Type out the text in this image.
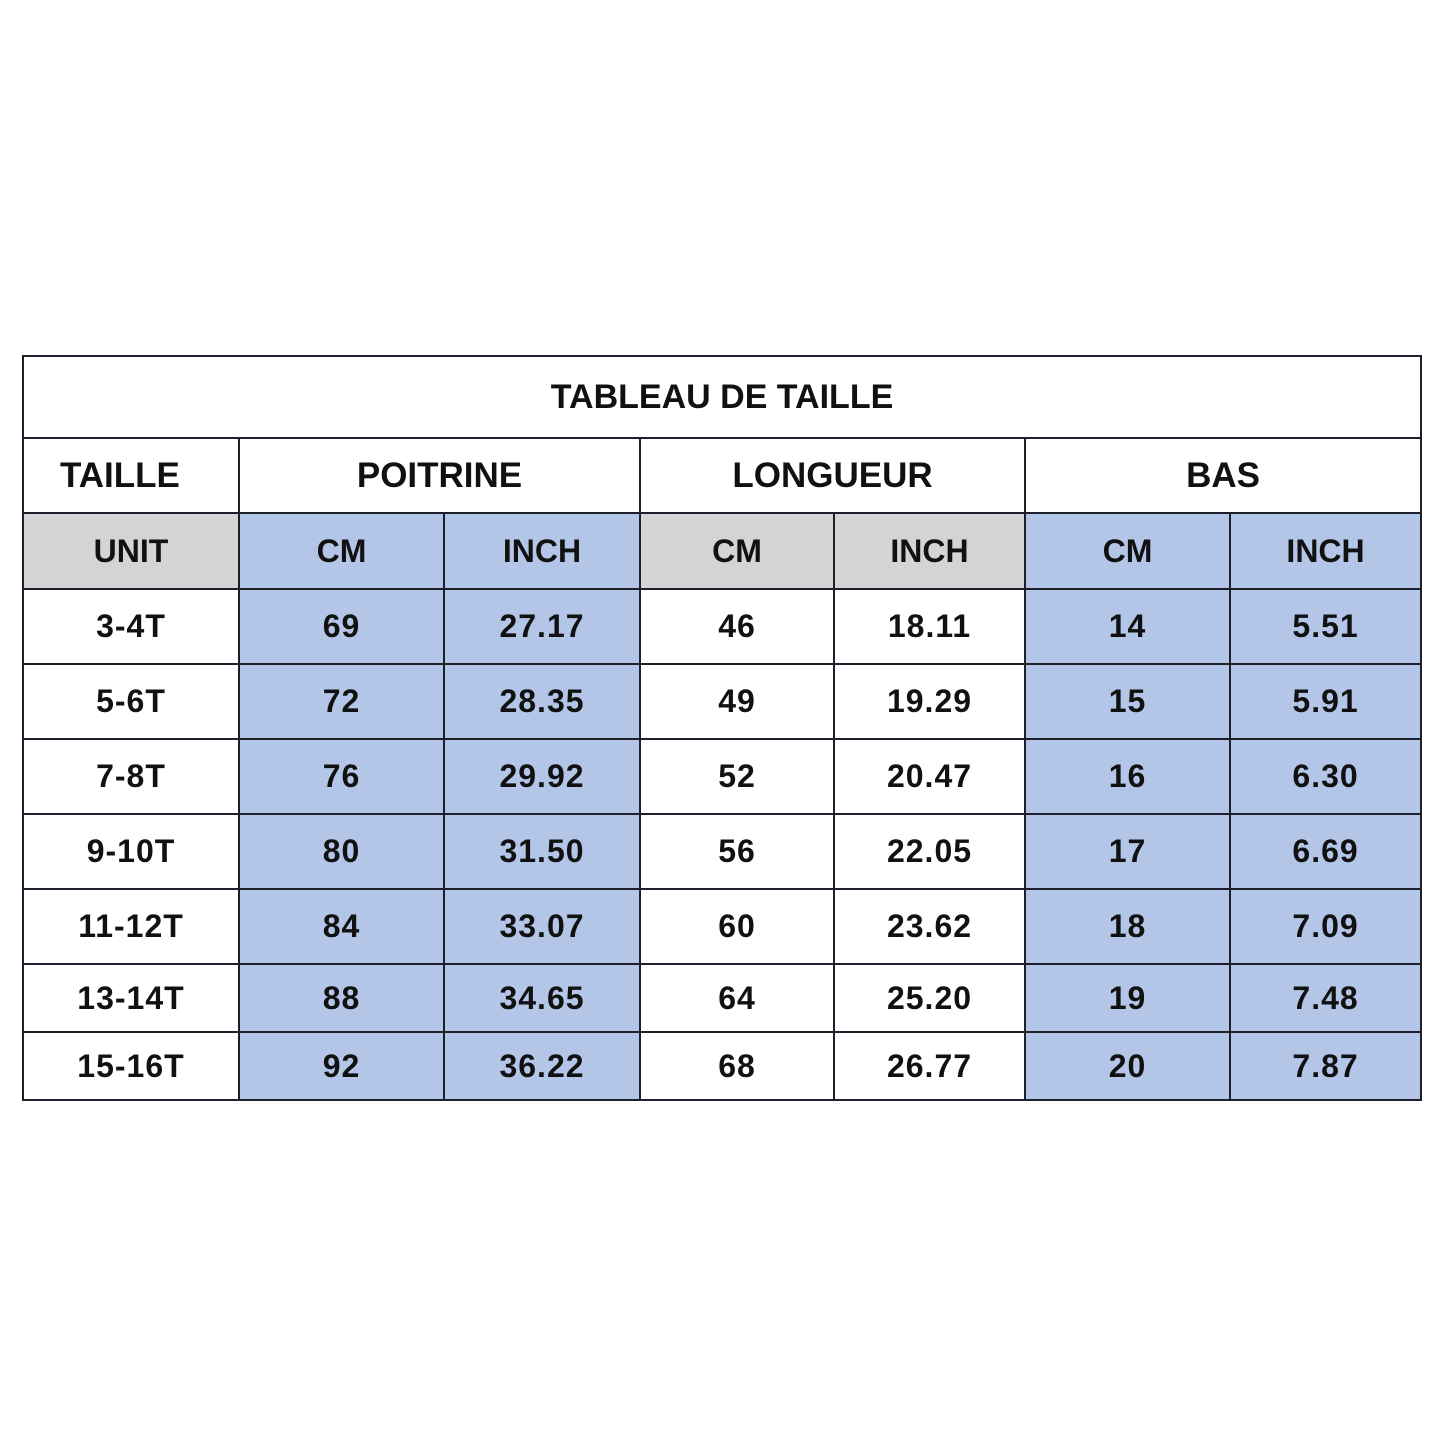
TABLEAU DE TAILLE						
TAILLE	POITRINE		LONGUEUR		BAS	
UNIT	CM	INCH	CM	INCH	CM	INCH
3-4T	69	27.17	46	18.11	14	5.51
5-6T	72	28.35	49	19.29	15	5.91
7-8T	76	29.92	52	20.47	16	6.30
9-10T	80	31.50	56	22.05	17	6.69
11-12T	84	33.07	60	23.62	18	7.09
13-14T	88	34.65	64	25.20	19	7.48
15-16T	92	36.22	68	26.77	20	7.87
